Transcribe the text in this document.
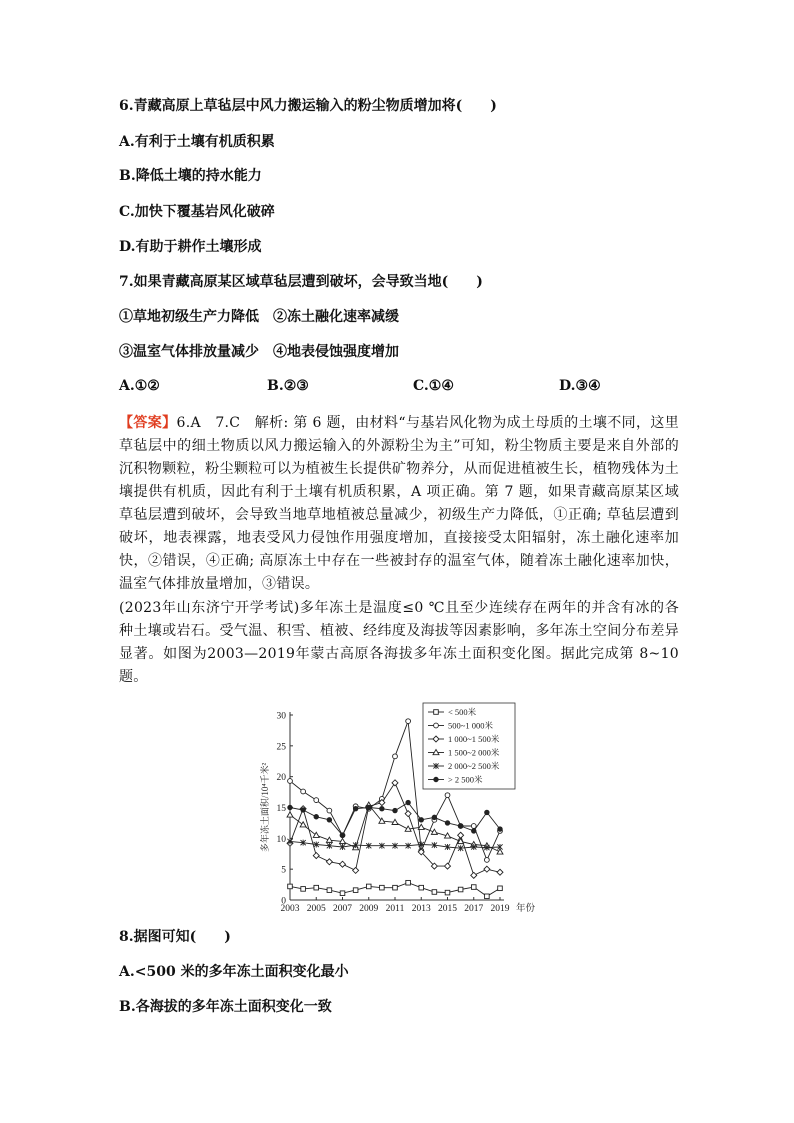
6.青藏高原上草毡层中风力搬运输入的粉尘物质增加将(　　)
A.有利于土壤有机质积累
B.降低土壤的持水能力
C.加快下覆基岩风化破碎
D.有助于耕作土壤形成
7.如果青藏高原某区域草毡层遭到破坏，会导致当地(　　)
①草地初级生产力降低　②冻土融化速率减缓
③温室气体排放量减少　④地表侵蚀强度增加
A.①②	B.②③	C.①④	D.③④
【答案】6.A　7.C　解析: 第 6 题，由材料“与基岩风化物为成土母质的土壤不同，这里草毡层中的细土物质以风力搬运输入的外源粉尘为主”可知，粉尘物质主要是来自外部的沉积物颗粒，粉尘颗粒可以为植被生长提供矿物养分，从而促进植被生长，植物残体为土壤提供有机质，因此有利于土壤有机质积累，A 项正确。第 7 题，如果青藏高原某区域草毡层遭到破坏，会导致当地草地植被总量减少，初级生产力降低，①正确; 草毡层遭到破坏，地表裸露，地表受风力侵蚀作用强度增加，直接接受太阳辐射，冻土融化速率加快，②错误，④正确; 高原冻土中存在一些被封存的温室气体，随着冻土融化速率加快，温室气体排放量增加，③错误。
(2023年山东济宁开学考试)多年冻土是温度≤0 ℃且至少连续存在两年的并含有冰的各种土壤或岩石。受气温、积雪、植被、经纬度及海拔等因素影响，多年冻土空间分布差异显著。如图为2003—2019年蒙古高原各海拔多年冻土面积变化图。据此完成第 8~10 题。
0
5
10
15
20
25
30
2003 2005 2007 2009 2011 2013 2015 2017 2019 年份
多年冻土面积/10⁴千米²
< 500米
500~1 000米
1 000~1 500米
1 500~2 000米
2 000~2 500米
> 2 500米
8.据图可知(　　)
A.<500 米的多年冻土面积变化最小
B.各海拔的多年冻土面积变化一致
